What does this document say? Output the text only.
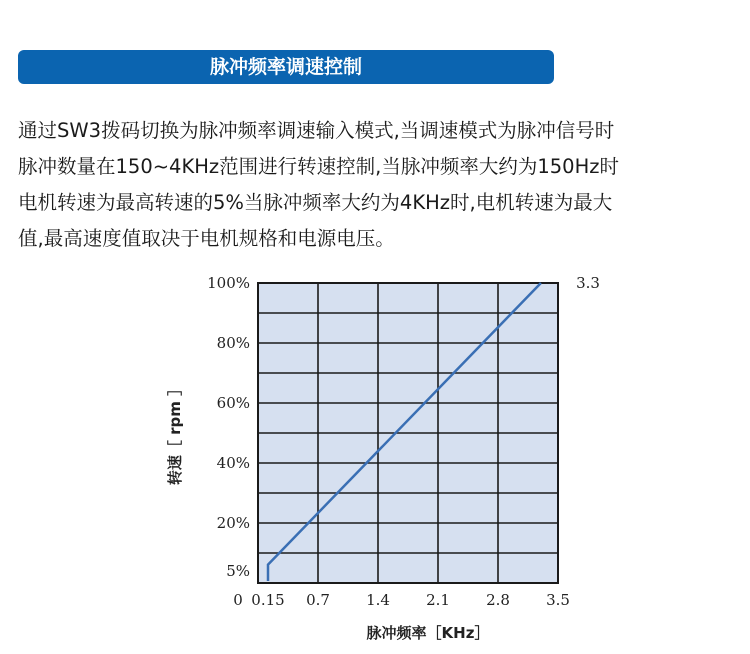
脉冲频率调速控制
通过SW3拨码切换为脉冲频率调速输入模式,当调速模式为脉冲信号时
脉冲数量在150~4KHz范围进行转速控制,当脉冲频率大约为150Hz时
电机转速为最高转速的5%当脉冲频率大约为4KHz时,电机转速为最大
值,最高速度值取决于电机规格和电源电压。
5%
20%
40%
60%
80%
100%
0 0.15 0.7 1.4 2.1 2.8 3.5
3.3
转速［ rpm ］
脉冲频率［KHz］
